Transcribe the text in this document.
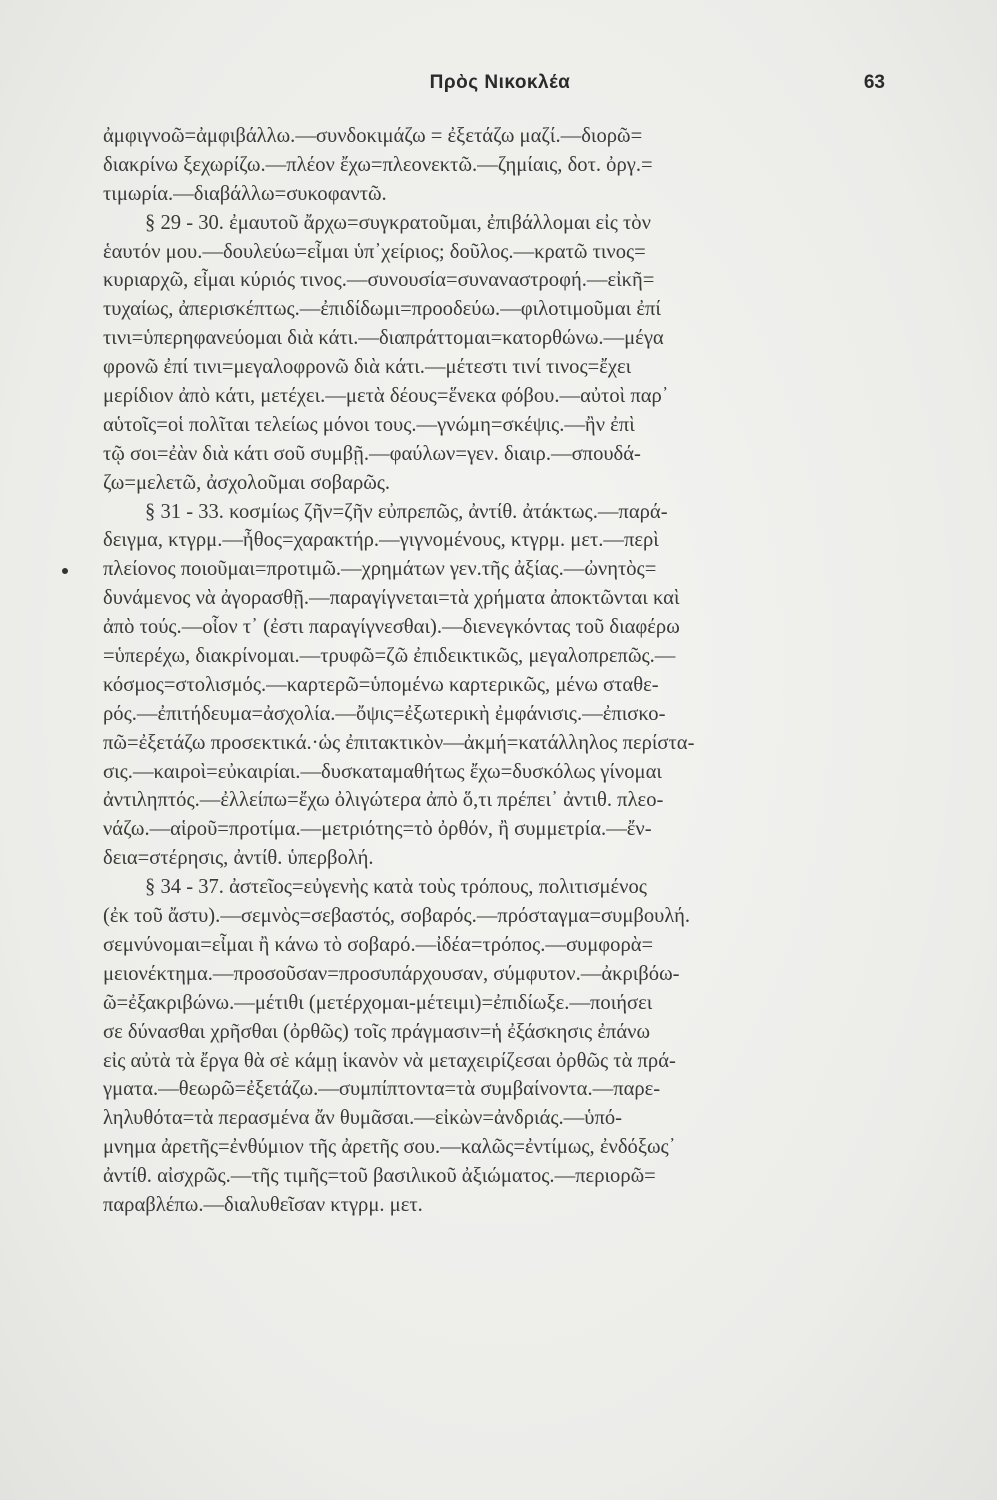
Πρὸς Νικοκλέα	63
ἀμφιγνοῶ=ἀμφιβάλλω.—συνδοκιμάζω = ἐξετάζω μαζί.—διορῶ=
διακρίνω ξεχωρίζω.—πλέον ἔχω=πλεονεκτῶ.—ζημίαις, δοτ. ὀργ.=
τιμωρία.—διαβάλλω=συκοφαντῶ.
§ 29 - 30. ἐμαυτοῦ ἄρχω=συγκρατοῦμαι, ἐπιβάλλομαι εἰς τὸν
ἑαυτόν μου.—δουλεύω=εἶμαι ὑπ᾽χείριος; δοῦλος.—κρατῶ τινος=
κυριαρχῶ, εἶμαι κύριός τινος.—συνουσία=συναναστροφή.—εἰκῆ=
τυχαίως, ἀπερισκέπτως.—ἐπιδίδωμι=προοδεύω.—φιλοτιμοῦμαι ἐπί
τινι=ὑπερηφανεύομαι διὰ κάτι.—διαπράττομαι=κατορθώνω.—μέγα
φρονῶ ἐπί τινι=μεγαλοφρονῶ διὰ κάτι.—μέτεστι τινί τινος=ἔχει
μερίδιον ἀπὸ κάτι, μετέχει.—μετὰ δέους=ἕνεκα φόβου.—αὐτοὶ παρ᾽
αὑτοῖς=οἱ πολῖται τελείως μόνοι τους.—γνώμη=σκέψις.—ἢν ἐπὶ
τῷ σοι=ἐὰν διὰ κάτι σοῦ συμβῇ.—φαύλων=γεν. διαιρ.—σπουδά-
ζω=μελετῶ, ἀσχολοῦμαι σοβαρῶς.
§ 31 - 33. κοσμίως ζῆν=ζῆν εὐπρεπῶς, ἀντίθ. ἀτάκτως.—παρά-
δειγμα, κτγρμ.—ἦθος=χαρακτήρ.—γιγνομένους, κτγρμ. μετ.—περὶ
πλείονος ποιοῦμαι=προτιμῶ.—χρημάτων γεν.τῆς ἀξίας.—ὠνητὸς=
δυνάμενος νὰ ἀγορασθῇ.—παραγίγνεται=τὰ χρήματα ἀποκτῶνται καὶ
ἀπὸ τούς.—οἷον τ᾽ (ἐστι παραγίγνεσθαι).—διενεγκόντας τοῦ διαφέρω
=ὑπερέχω, διακρίνομαι.—τρυφῶ=ζῶ ἐπιδεικτικῶς, μεγαλοπρεπῶς.—
κόσμος=στολισμός.—καρτερῶ=ὑπομένω καρτερικῶς, μένω σταθε-
ρός.—ἐπιτήδευμα=ἀσχολία.—ὄψις=ἐξωτερικὴ ἐμφάνισις.—ἐπισκο-
πῶ=ἐξετάζω προσεκτικά.·ὡς ἐπιτακτικὸν—ἀκμή=κατάλληλος περίστα-
σις.—καιροὶ=εὐκαιρίαι.—δυσκαταμαθήτως ἔχω=δυσκόλως γίνομαι
ἀντιληπτός.—ἐλλείπω=ἔχω ὀλιγώτερα ἀπὸ ὅ,τι πρέπει᾽ ἀντιθ. πλεο-
νάζω.—αἱροῦ=προτίμα.—μετριότης=τὸ ὀρθόν, ἢ συμμετρία.—ἔν-
δεια=στέρησις, ἀντίθ. ὑπερβολή.
§ 34 - 37. ἀστεῖος=εὐγενὴς κατὰ τοὺς τρόπους, πολιτισμένος
(ἐκ τοῦ ἄστυ).—σεμνὸς=σεβαστός, σοβαρός.—πρόσταγμα=συμβουλή.
σεμνύνομαι=εἶμαι ἢ κάνω τὸ σοβαρό.—ἰδέα=τρόπος.—συμφορὰ=
μειονέκτημα.—προσοῦσαν=προσυπάρχουσαν, σύμφυτον.—ἀκριβόω-
ῶ=ἐξακριβώνω.—μέτιθι (μετέρχομαι-μέτειμι)=ἐπιδίωξε.—ποιήσει
σε δύνασθαι χρῆσθαι (ὀρθῶς) τοῖς πράγμασιν=ἡ ἐξάσκησις ἐπάνω
εἰς αὐτὰ τὰ ἔργα θὰ σὲ κάμῃ ἱκανὸν νὰ μεταχειρίζεσαι ὀρθῶς τὰ πρά-
γματα.—θεωρῶ=ἐξετάζω.—συμπίπτοντα=τὰ συμβαίνοντα.—παρε-
ληλυθότα=τὰ περασμένα ἄν θυμᾶσαι.—εἰκὼν=ἀνδριάς.—ὑπό-
μνημα ἀρετῆς=ἐνθύμιον τῆς ἀρετῆς σου.—καλῶς=ἐντίμως, ἐνδόξως᾽
ἀντίθ. αἰσχρῶς.—τῆς τιμῆς=τοῦ βασιλικοῦ ἀξιώματος.—περιορῶ=
παραβλέπω.—διαλυθεῖσαν κτγρμ. μετ.
